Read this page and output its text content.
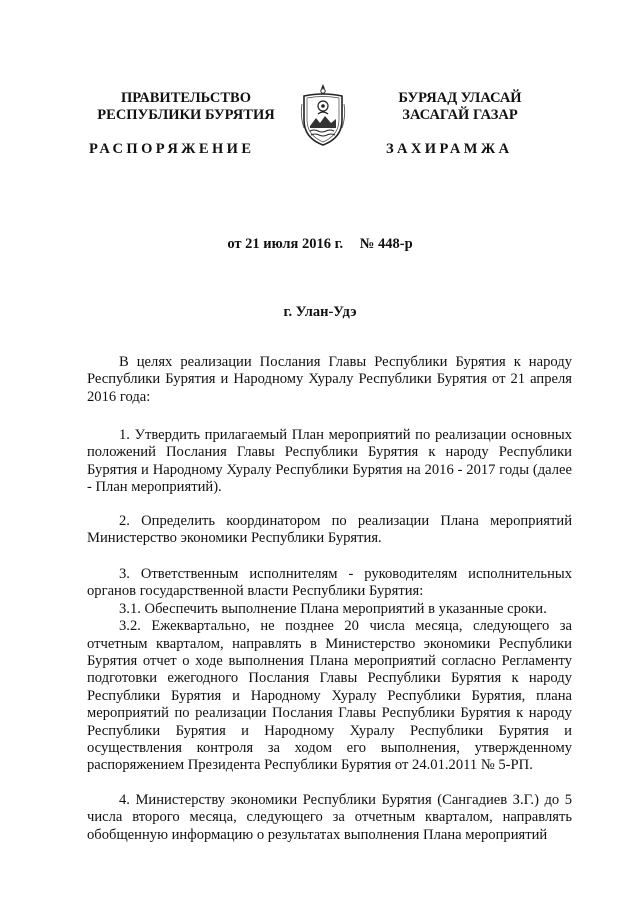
ПРАВИТЕЛЬСТВО
РЕСПУБЛИКИ БУРЯТИЯ
БУРЯАД УЛАСАЙ
ЗАСАГАЙ ГАЗАР
РАСПОРЯЖЕНИЕ	ЗАХИРАМЖА
от 21 июля 2016 г. № 448-р
г. Улан-Удэ

В целях реализации Послания Главы Республики Бурятия к народу Республики Бурятия и Народному Хуралу Республики Бурятия от 21 апреля 2016 года:

1. Утвердить прилагаемый План мероприятий по реализации основных положений Послания Главы Республики Бурятия к народу Республики Бурятия и Народному Хуралу Республики Бурятия на 2016 - 2017 годы (далее - План мероприятий).

2. Определить координатором по реализации Плана мероприятий Министерство экономики Республики Бурятия.

3. Ответственным исполнителям - руководителям исполнительных органов государственной власти Республики Бурятия:

3.1. Обеспечить выполнение Плана мероприятий в указанные сроки.

3.2. Ежеквартально, не позднее 20 числа месяца, следующего за отчетным кварталом, направлять в Министерство экономики Республики Бурятия отчет о ходе выполнения Плана мероприятий согласно Регламенту подготовки ежегодного Послания Главы Республики Бурятия к народу Республики Бурятия и Народному Хуралу Республики Бурятия, плана мероприятий по реализации Послания Главы Республики Бурятия к народу Республики Бурятия и Народному Хуралу Республики Бурятия и осуществления контроля за ходом его выполнения, утвержденному распоряжением Президента Республики Бурятия от 24.01.2011 № 5-РП.

4. Министерству экономики Республики Бурятия (Сангадиев З.Г.) до 5 числа второго месяца, следующего за отчетным кварталом, направлять обобщенную информацию о результатах выполнения Плана мероприятий
